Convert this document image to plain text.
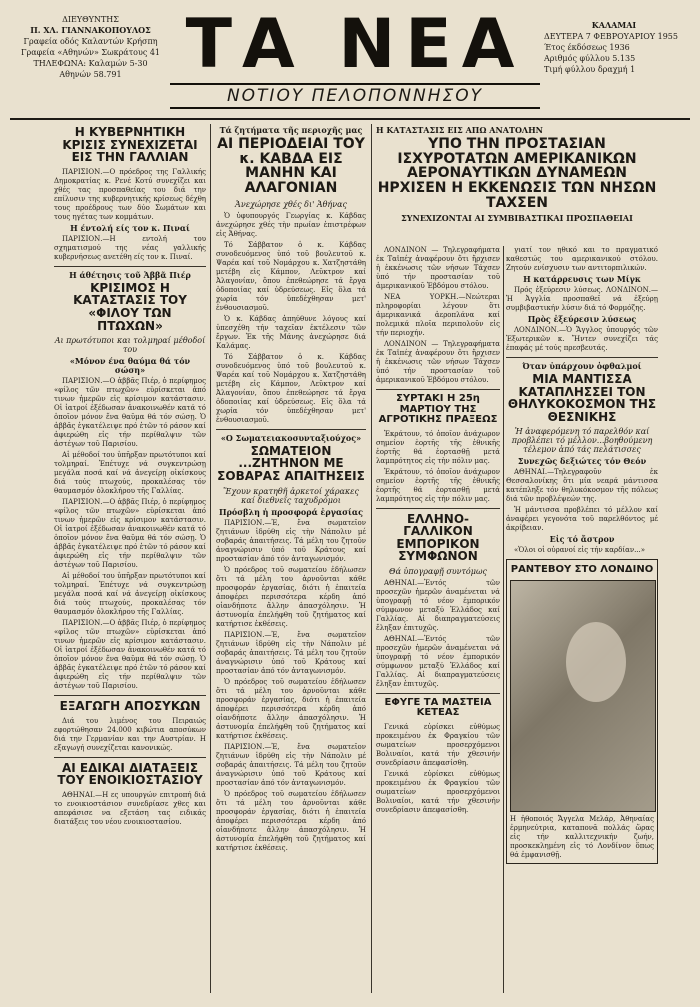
ΔΙΕΥΘΥΝΤΗΣ
Π. ΧΛ. ΓΙΑΝΝΑΚΟΠΟΥΛΟΣ
Γραφεία οδός Καλαντών Κρήσπη
Γραφεία «Αθηνών» Σωκράτους 41
ΤΗΛΕΦΩΝΑ: Καλαμών 5-30
Αθηνών 58.791 ΤΑ ΝΕΑ
ΝΟΤΙΟΥ ΠΕΛΟΠΟΝΝΗΣΟΥ
ΚΑΛΑΜΑΙ
ΔΕΥΤΕΡΑ 7 ΦΕΒΡΟΥΑΡΙΟΥ 1955
Έτος έκδόσεως 1936
Αριθμός φύλλου 5.135
Τιμή φύλλου δραχμή 1
Η ΚΥΒΕΡΝΗΤΙΚΗ ΚΡΙΣΙΣ ΣΥΝΕΧΙΖΕΤΑΙ ΕΙΣ ΤΗΝ ΓΑΛΛΙΑΝ

ΠΑΡΙΣΙΟΝ.—Ο πρόεδρος της Γαλλικής Δημοκρατίας κ. Ρενέ Κοτύ συνεχίζει και χθές τας προσπαθείας του διά την επίλυσιν της κυβερνητικής κρίσεως δέχθη τους προέδρους των δύο Σωμάτων και τους ηγέτας των κομμάτων.

Η έντολή είς τον κ. Πιναί

ΠΑΡΙΣΙΟΝ.—Η εντολή του σχηματισμού της νέας γαλλικής κυβερνήσεως ανετέθη είς τον κ. Πιναί.

Η άθέτησις τοῦ Ἀββᾶ Πιέρ
ΚΡΙΣΙΜΟΣ Η ΚΑΤΑΣΤΑΣΙΣ ΤΟΥ «ΦΙΛΟΥ ΤΩΝ ΠΤΩΧΩΝ»
Αι πρωτότυποι και τολμηραί μέθοδοί του
«Μόνον ένα θαύμα θά τόν σώση»

ΠΑΡΙΣΙΟΝ.—Ο ἀββᾶς Πιέρ, ὁ περίφημος «φίλος τῶν πτωχῶν» εὑρίσκεται ἀπό τινων ἡμερῶν εἰς κρίσιμον κατάστασιν. Οἱ ἰατροί ἐξέδωσαν ἀνακοινωθέν κατά τό ὁποῖον μόνον ἕνα θαῦμα θά τόν σώσῃ. Ὁ ἀββᾶς ἐγκατέλειψε πρό ἐτῶν τό ράσον καί ἀφιερώθη εἰς τήν περίθαλψιν τῶν ἀστέγων τοῦ Παρισίου.

Αἱ μέθοδοί του ὑπῆρξαν πρωτότυποι καί τολμηραί. Ἐπέτυχε νά συγκεντρώσῃ μεγάλα ποσά καί νά ἀνεγείρῃ οἰκίσκους διά τούς πτωχούς, προκαλέσας τόν θαυμασμόν ὁλοκλήρου τῆς Γαλλίας.

ΠΑΡΙΣΙΟΝ.—Ο ἀββᾶς Πιέρ, ὁ περίφημος «φίλος τῶν πτωχῶν» εὑρίσκεται ἀπό τινων ἡμερῶν εἰς κρίσιμον κατάστασιν. Οἱ ἰατροί ἐξέδωσαν ἀνακοινωθέν κατά τό ὁποῖον μόνον ἕνα θαῦμα θά τόν σώσῃ. Ὁ ἀββᾶς ἐγκατέλειψε πρό ἐτῶν τό ράσον καί ἀφιερώθη εἰς τήν περίθαλψιν τῶν ἀστέγων τοῦ Παρισίου.

Αἱ μέθοδοί του ὑπῆρξαν πρωτότυποι καί τολμηραί. Ἐπέτυχε νά συγκεντρώσῃ μεγάλα ποσά καί νά ἀνεγείρῃ οἰκίσκους διά τούς πτωχούς, προκαλέσας τόν θαυμασμόν ὁλοκλήρου τῆς Γαλλίας.

ΠΑΡΙΣΙΟΝ.—Ο ἀββᾶς Πιέρ, ὁ περίφημος «φίλος τῶν πτωχῶν» εὑρίσκεται ἀπό τινων ἡμερῶν εἰς κρίσιμον κατάστασιν. Οἱ ἰατροί ἐξέδωσαν ἀνακοινωθέν κατά τό ὁποῖον μόνον ἕνα θαῦμα θά τόν σώσῃ. Ὁ ἀββᾶς ἐγκατέλειψε πρό ἐτῶν τό ράσον καί ἀφιερώθη εἰς τήν περίθαλψιν τῶν ἀστέγων τοῦ Παρισίου.

ΕΞΑΓΩΓΗ ΑΠΟΣΥΚΩΝ

Διά του λιμένος του Πειραιώς εφορτώθησαν 24.000 κιβώτια αποσύκων διά την Γερμανίαν και την Αυστρίαν. Η εξαγωγή συνεχίζεται κανονικώς.

ΑΙ ΕΔΙΚΑΙ ΔΙΑΤΑΞΕΙΣ ΤΟΥ ΕΝΟΙΚΙΟΣΤΑΣΙΟΥ

ΑΘΗΝΑΙ.—Η ες υπουργών επιτροπή διά το ενοικιοστάσιον συνεδρίασε χθες και απεφάσισε να εξετάση τας ειδικάς διατάξεις του νέου ενοικιοστασίου.

Τά ζητήματα τῆς περιοχῆς μας
ΑΙ ΠΕΡΙΟΔΕΙΑΙ ΤΟΥ κ. ΚΑΒΔΑ ΕΙΣ ΜΑΝΗΝ ΚΑΙ ΑΛΑΓΟΝΙΑΝ
Ἀνεχώρησε χθές δι' Ἀθήνας

Ὁ ὑφυπουργός Γεωργίας κ. Κάβδας ἀνεχώρησε χθές τὴν πρωίαν ἐπιστρέφων εἰς Ἀθήνας.

Τό Σάββατον ὁ κ. Κάβδας συνοδευόμενος ὑπό τοῦ βουλευτοῦ κ. Ψαρέα καί τοῦ Νομάρχου κ. Χατζηστάθη μετέβη εἰς Κάμπον, Λεῦκτρον καί Ἀλαγονίαν, ὅπου ἐπεθεώρησε τά ἔργα ὁδοποιίας καί ὑδρεύσεως. Εἰς ὅλα τά χωρία τόν ὑπεδέχθησαν μετ' ἐνθουσιασμοῦ.

Ὁ κ. Κάβδας ἀπηύθυνε λόγους καί ὑπεσχέθη τήν ταχεῖαν ἐκτέλεσιν τῶν ἔργων. Ἐκ τῆς Μάνης ἀνεχώρησε διά Καλάμας.

Τό Σάββατον ὁ κ. Κάβδας συνοδευόμενος ὑπό τοῦ βουλευτοῦ κ. Ψαρέα καί τοῦ Νομάρχου κ. Χατζηστάθη μετέβη εἰς Κάμπον, Λεῦκτρον καί Ἀλαγονίαν, ὅπου ἐπεθεώρησε τά ἔργα ὁδοποιίας καί ὑδρεύσεως. Εἰς ὅλα τά χωρία τόν ὑπεδέχθησαν μετ' ἐνθουσιασμοῦ.

«Ο Σωματειακοσυνταξιούχος»
ΣΩΜΑΤΕΙΟΝ ...ΖΗΤΗΝΟΝ ΜΕ ΣΟΒΑΡΑΣ ΑΠΑΙΤΗΣΕΙΣ
Ἕχουν κρατηθῆ ἀρκετοί χάρακες καί διεθνεῖς ταχυδρόμοι
Πρόσβλη ἡ προσφορά ἐργασίας

ΠΑΡΙΣΙΟΝ.—Ἐ, ἔνα σωματεῖον ζητιάνων ἱδρύθη εἰς τὴν Νάπολιν μέ σοβαράς ἀπαιτήσεις. Τά μέλη του ζητοῦν ἀναγνώρισιν ὑπό τοῦ Κράτους καί προστασίαν ἀπό τόν ἀνταγωνισμόν.

Ὁ πρόεδρος τοῦ σωματείου ἐδήλωσεν ὅτι τά μέλη του ἀρνοῦνται κάθε προσφοράν ἐργασίας, διότι ἡ ἐπαιτεία ἀποφέρει περισσότερα κέρδη ἀπό οἱανδήποτε ἄλλην ἀπασχόλησιν. Ἡ ἀστυνομία ἐπελήφθη τοῦ ζητήματος καί κατήρτισε ἐκθέσεις.

ΠΑΡΙΣΙΟΝ.—Ἐ, ἔνα σωματεῖον ζητιάνων ἱδρύθη εἰς τὴν Νάπολιν μέ σοβαράς ἀπαιτήσεις. Τά μέλη του ζητοῦν ἀναγνώρισιν ὑπό τοῦ Κράτους καί προστασίαν ἀπό τόν ἀνταγωνισμόν.

Ὁ πρόεδρος τοῦ σωματείου ἐδήλωσεν ὅτι τά μέλη του ἀρνοῦνται κάθε προσφοράν ἐργασίας, διότι ἡ ἐπαιτεία ἀποφέρει περισσότερα κέρδη ἀπό οἱανδήποτε ἄλλην ἀπασχόλησιν. Ἡ ἀστυνομία ἐπελήφθη τοῦ ζητήματος καί κατήρτισε ἐκθέσεις.

ΠΑΡΙΣΙΟΝ.—Ἐ, ἔνα σωματεῖον ζητιάνων ἱδρύθη εἰς τὴν Νάπολιν μέ σοβαράς ἀπαιτήσεις. Τά μέλη του ζητοῦν ἀναγνώρισιν ὑπό τοῦ Κράτους καί προστασίαν ἀπό τόν ἀνταγωνισμόν.

Ὁ πρόεδρος τοῦ σωματείου ἐδήλωσεν ὅτι τά μέλη του ἀρνοῦνται κάθε προσφοράν ἐργασίας, διότι ἡ ἐπαιτεία ἀποφέρει περισσότερα κέρδη ἀπό οἱανδήποτε ἄλλην ἀπασχόλησιν. Ἡ ἀστυνομία ἐπελήφθη τοῦ ζητήματος καί κατήρτισε ἐκθέσεις.

Η ΚΑΤΑΣΤΑΣΙΣ ΕΙΣ ΑΠΩ ΑΝΑΤΟΛΗΝ
ΥΠΟ ΤΗΝ ΠΡΟΣΤΑΣΙΑΝ ΙΣΧΥΡΟΤΑΤΩΝ ΑΜΕΡΙΚΑΝΙΚΩΝ ΑΕΡΟΝΑΥΤΙΚΩΝ ΔΥΝΑΜΕΩΝ ΗΡΧΙΣΕΝ Η ΕΚΚΕΝΩΣΙΣ ΤΩΝ ΝΗΣΩΝ ΤΑΧΣΕΝ
ΣΥΝΕΧΙΖΟΝΤΑΙ ΑΙ ΣΥΜΒΙΒΑΣΤΙΚΑΙ ΠΡΟΣΠΑΘΕΙΑΙ

ΛΟΝΔΙΝΟΝ — Τηλεγραφήματα ἐκ Ταϊπέχ ἀναφέρουν ὅτι ἤρχισεν ἡ ἐκκένωσις τῶν νήσων Τάχσεν ὑπό τήν προστασίαν τοῦ ἀμερικανικοῦ Ἑβδόμου στόλου.

ΝΕΑ ΥΟΡΚΗ.—Νεώτεραι πληροφορίαι λέγουν ὅτι ἀμερικανικά ἀεροπλάνα καί πολεμικά πλοῖα περιπολοῦν εἰς τήν περιοχήν.

ΛΟΝΔΙΝΟΝ — Τηλεγραφήματα ἐκ Ταϊπέχ ἀναφέρουν ὅτι ἤρχισεν ἡ ἐκκένωσις τῶν νήσων Τάχσεν ὑπό τήν προστασίαν τοῦ ἀμερικανικοῦ Ἑβδόμου στόλου.

ΣΥΡΤΑΚΙ Η 25η ΜΑΡΤΙΟΥ ΤΗΣ ΑΓΡΟΤΙΚΗΣ ΠΡΑΞΕΩΣ

Ἐκράτουν, τό ὁποῖον ἀνάχωρον σημείον ἑορτῆς τῆς ἐθνικῆς ἑορτῆς θά ἑορτασθῇ μετά λαμπρότητος εἰς τὴν πόλιν μας.

Ἐκράτουν, τό ὁποῖον ἀνάχωρον σημείον ἑορτῆς τῆς ἐθνικῆς ἑορτῆς θά ἑορτασθῇ μετά λαμπρότητος εἰς τὴν πόλιν μας.

ΕΛΛΗΝΟ-ΓΑΛΛΙΚΟΝ ΕΜΠΟΡΙΚΟΝ ΣΥΜΦΩΝΟΝ
Θά ὑπογραφῇ συντόμως

ΑΘΗΝΑΙ.—Ἐντός τῶν προσεχῶν ἡμερῶν ἀναμένεται νά ὑπογραφῇ τό νέον ἐμπορικόν σύμφωνον μεταξύ Ἑλλάδος καί Γαλλίας. Αἱ διαπραγματεύσεις ἔληξαν ἐπιτυχῶς.

ΑΘΗΝΑΙ.—Ἐντός τῶν προσεχῶν ἡμερῶν ἀναμένεται νά ὑπογραφῇ τό νέον ἐμπορικόν σύμφωνον μεταξύ Ἑλλάδος καί Γαλλίας. Αἱ διαπραγματεύσεις ἔληξαν ἐπιτυχῶς.

ΕΦΥΓΕ ΤΑ ΜΑΣΤΕΙΑ ΚΕΤΕΑΣ

Γενικά εὑρίσκει εὐθύμως προκειμένου ἐκ Φραγκίου τῶν σωματείων προσερχόμενοι Βολιναίοι, κατά τήν χθεσινήν συνεδρίασιν ἀπεφασίσθη.

Γενικά εὑρίσκει εὐθύμως προκειμένου ἐκ Φραγκίου τῶν σωματείων προσερχόμενοι Βολιναίοι, κατά τήν χθεσινήν συνεδρίασιν ἀπεφασίσθη.

γιατί τον ηθικό και το πραγματικό καθεστώς του αμερικανικού στόλου. Ζητούν ενίσχυσιν των αντιτορπιλικών.

Η κατάρρευσις των Μίγκ

Πρός ἐξεύρεσιν λύσεως. ΛΟΝΔΙΝΟΝ.—Ἡ Ἀγγλία προσπαθεῖ νά ἐξεύρῃ συμβιβαστικήν λύσιν διά τό Φορμόζης.

Πρὸς ἐξεύρεσιν λύσεως

ΛΟΝΔΙΝΟΝ.—Ὁ Ἄγγλος ὑπουργός τῶν Ἐξωτερικῶν κ. Ἤντεν συνεχίζει τάς ἐπαφάς μέ τούς πρεσβευτάς.

Όταν ὑπάρχουν ὀφθαλμοί
ΜΙΑ ΜΑΝΤΙΣΣΑ ΚΑΤΑΠΛΗΣΣΕΙ ΤΟΝ ΘΗΛΥΚΟΚΟΣΜΟΝ ΤΗΣ ΘΕΣΝΙΚΗΣ
Ἡ ἀναφερόμενη τό παρελθόν καί προβλέπει τό μέλλον...βοηθούμενη τέλεμον ἀπό τάς πελάτισσες
Συνεχῶς δεξιώτες τόν Θεόν

ΑΘΗΝΑΙ.—Τηλεγραφοῦν ἐκ Θεσσαλονίκης ὅτι μία νεαρά μάντισσα κατέπληξε τόν θηλυκόκοσμον τῆς πόλεως διά τῶν προβλέψεών της.

Ἡ μάντισσα προβλέπει τό μέλλον καί ἀναφέρει γεγονότα τοῦ παρελθόντος μέ ἀκρίβειαν.

Εἰς τό ἄστρον

«Ὁλοι οἱ οὐρανοί εἰς τήν καρδίαν...»

ΡΑΝΤΕΒΟΥ ΣΤΟ ΛΟΝΔΙΝΟ
Η ἠθοποιός Ἄγγελα Μελάρ, Ἀθηναίας ἐρμηνεύτρια, καταπονᾶ πολλάς ὥρας εἰς τήν καλλιτεχνικήν ζωήν, προσκεκλημένη εἰς τό Λονδίνον ὅπως θά ἐμφανισθῇ.
